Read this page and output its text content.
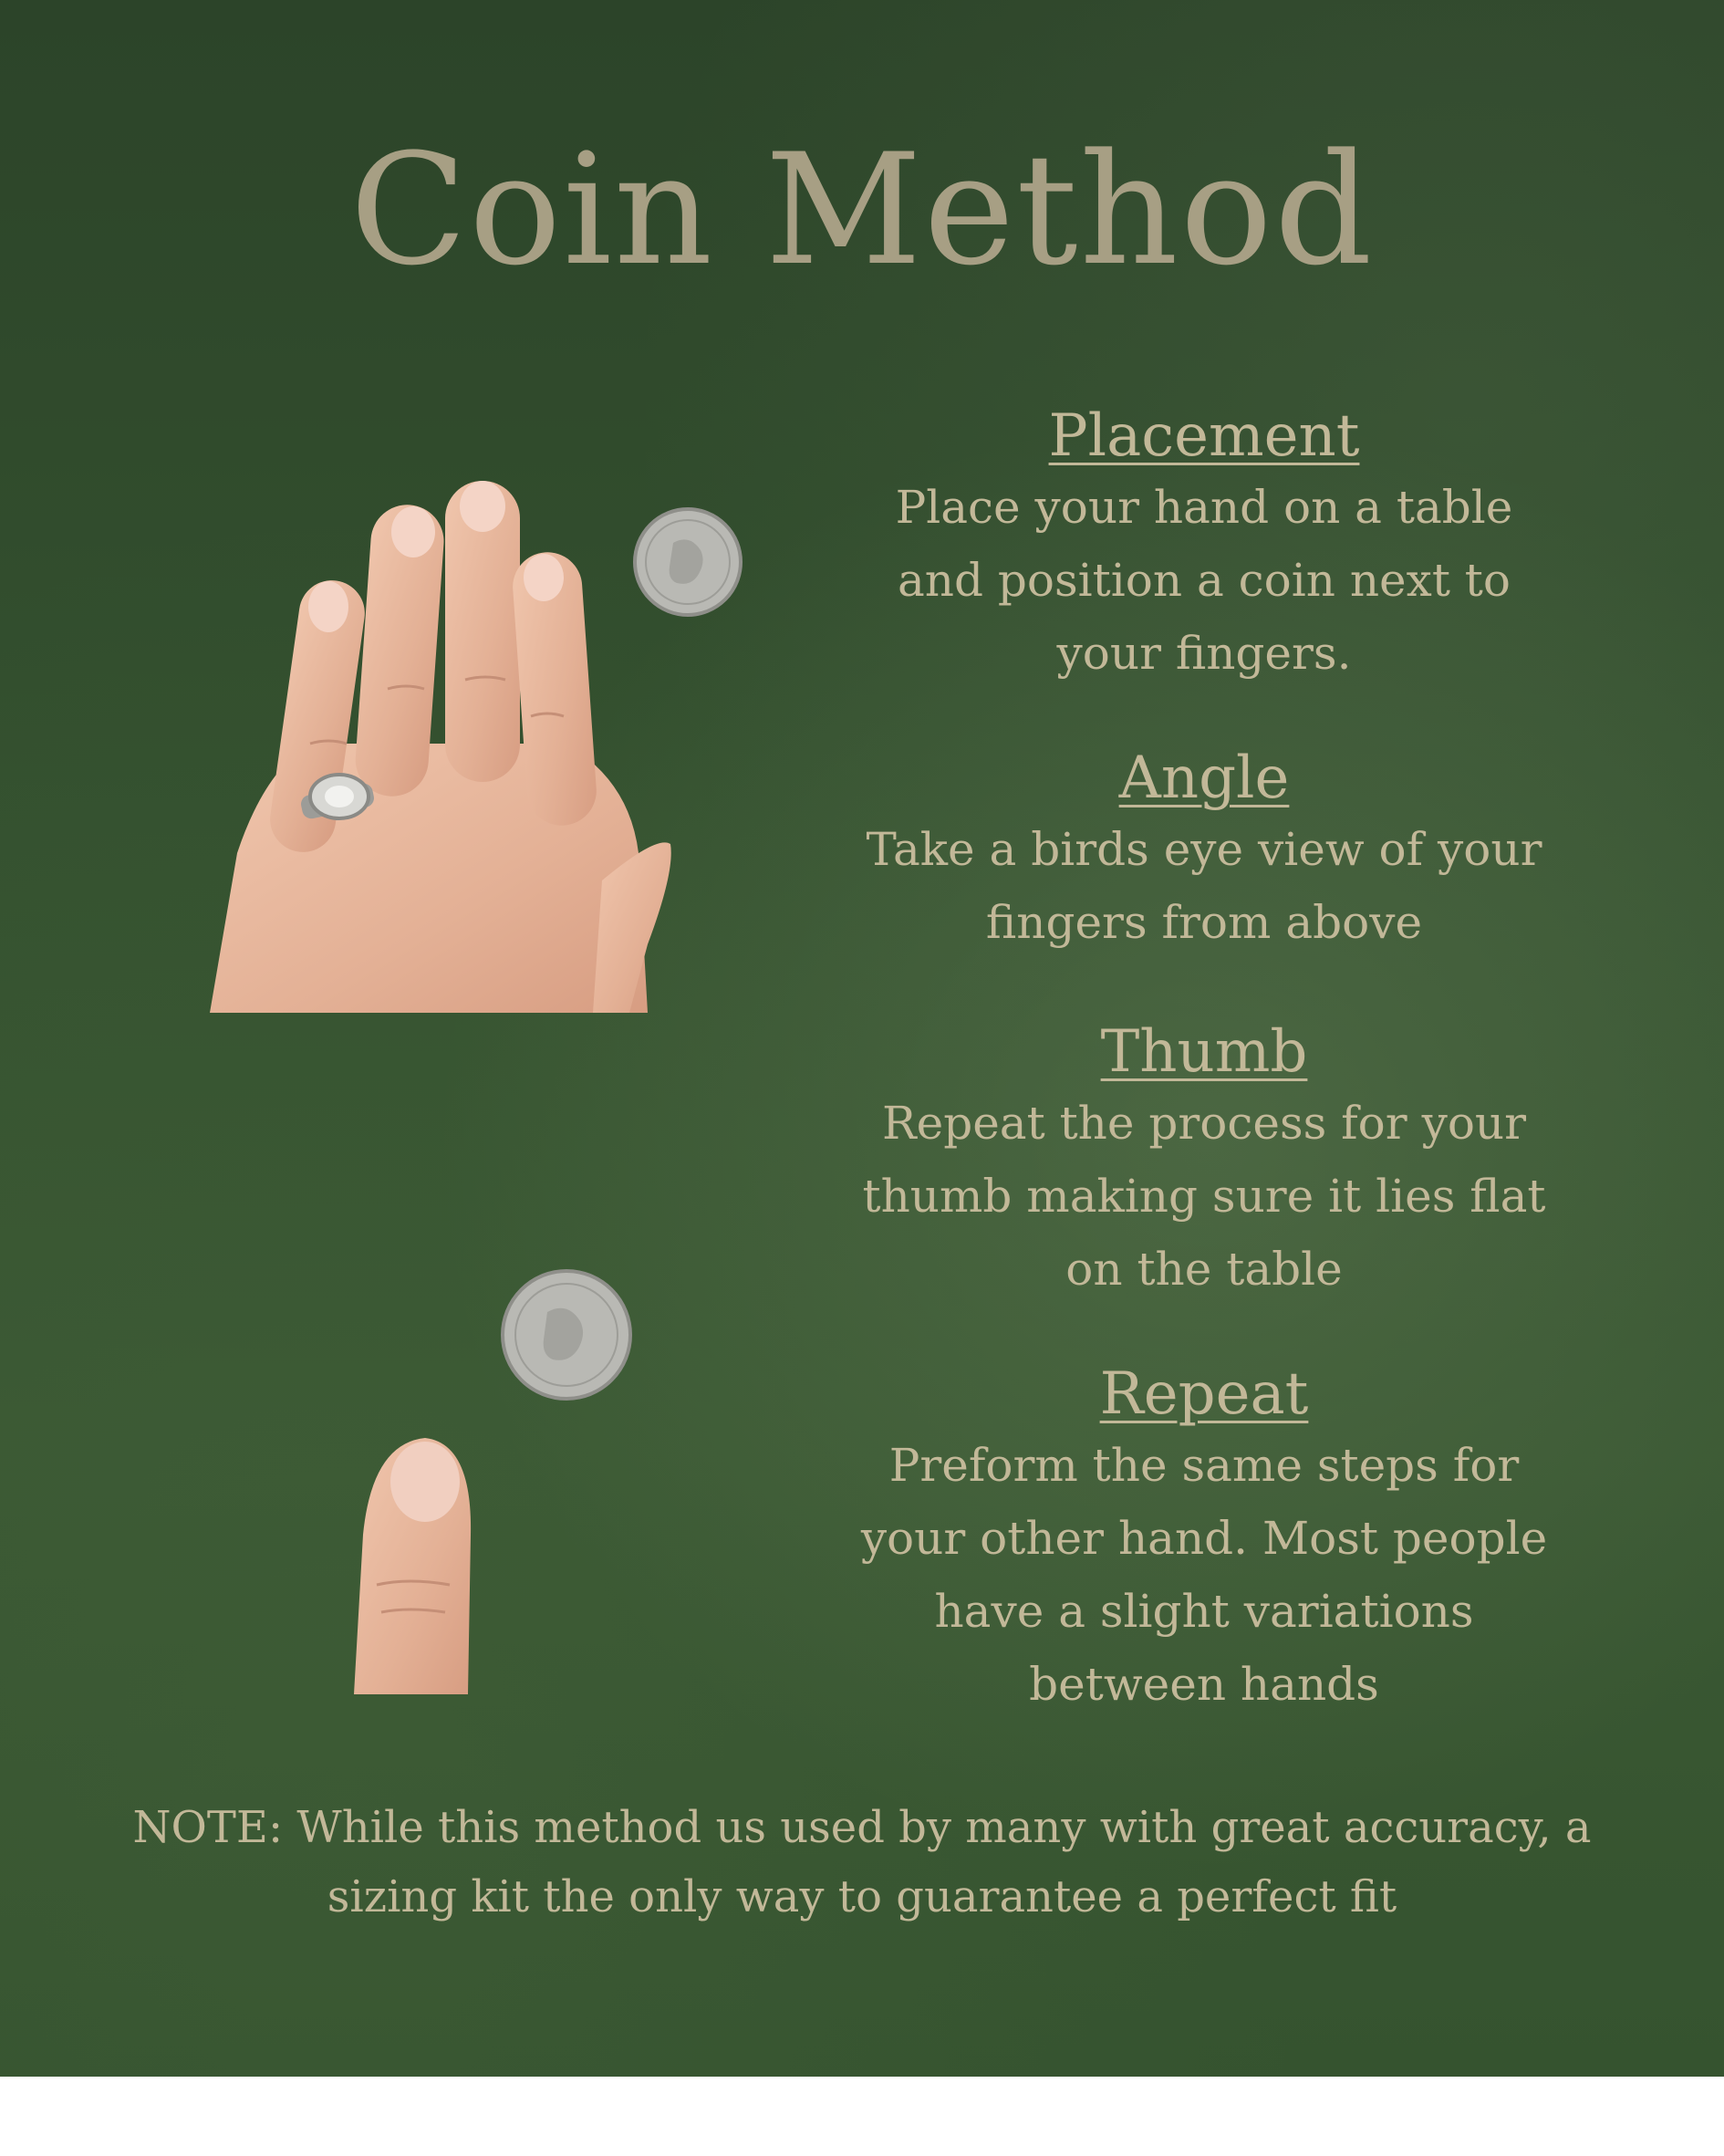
Coin Method
Placement
Place your hand on a table and position a coin next to your fingers.
Angle
Take a birds eye view of your fingers from above
Thumb
Repeat the process for your thumb making sure it lies flat on the table
Repeat
Preform the same steps for your other hand. Most people have a slight variations between hands
NOTE: While this method us used by many with great accuracy, a sizing kit the only way to guarantee a perfect fit
